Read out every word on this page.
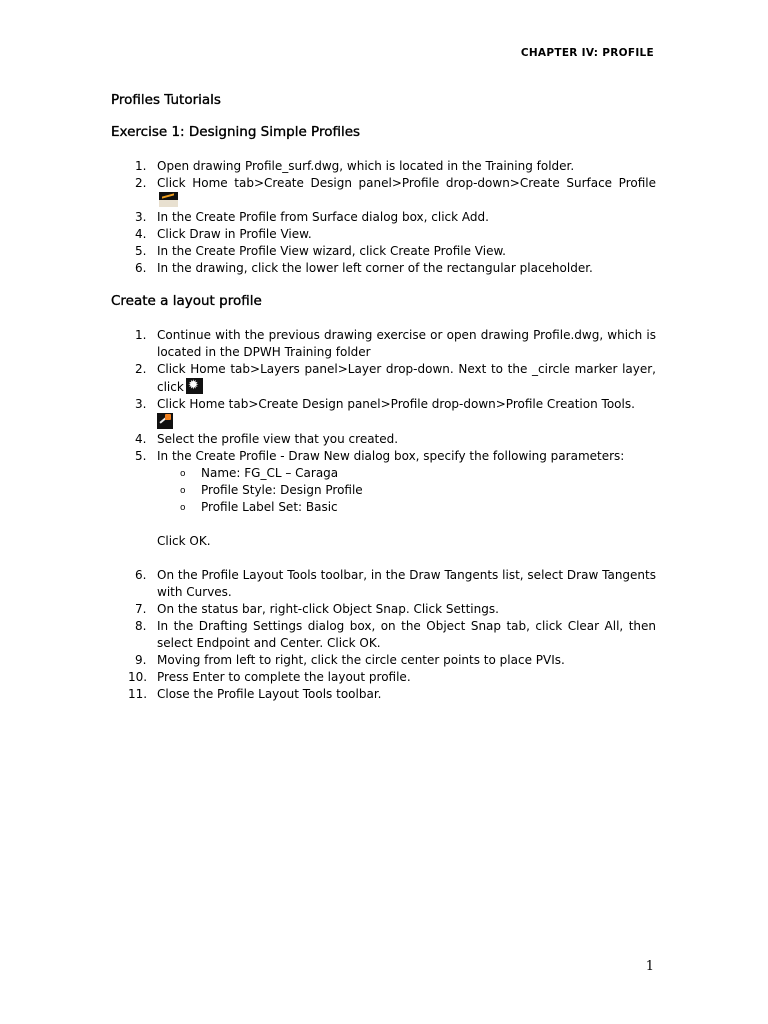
CHAPTER IV: PROFILE
Profiles Tutorials
Exercise 1: Designing Simple Profiles
1. Open drawing Profile_surf.dwg, which is located in the Training folder.
2. Click Home tab>Create Design panel>Profile drop-down>Create Surface Profile
3. In the Create Profile from Surface dialog box, click Add.
4. Click Draw in Profile View.
5. In the Create Profile View wizard, click Create Profile View.
6. In the drawing, click the lower left corner of the rectangular placeholder.
Create a layout profile
1. Continue with the previous drawing exercise or open drawing Profile.dwg, which is located in the DPWH Training folder
2. Click Home tab>Layers panel>Layer drop-down. Next to the _circle marker layer, click✹
3. Click Home tab>Create Design panel>Profile drop-down>Profile Creation Tools.

4. Select the profile view that you created.
5. In the Create Profile - Draw New dialog box, specify the following parameters:
o Name: FG_CL – Caraga
o Profile Style: Design Profile
o Profile Label Set: Basic
Click OK.
6. On the Profile Layout Tools toolbar, in the Draw Tangents list, select Draw Tangents with Curves.
7. On the status bar, right-click Object Snap. Click Settings.
8. In the Drafting Settings dialog box, on the Object Snap tab, click Clear All, then select Endpoint and Center. Click OK.
9. Moving from left to right, click the circle center points to place PVIs.
10. Press Enter to complete the layout profile.
11. Close the Profile Layout Tools toolbar.
1
